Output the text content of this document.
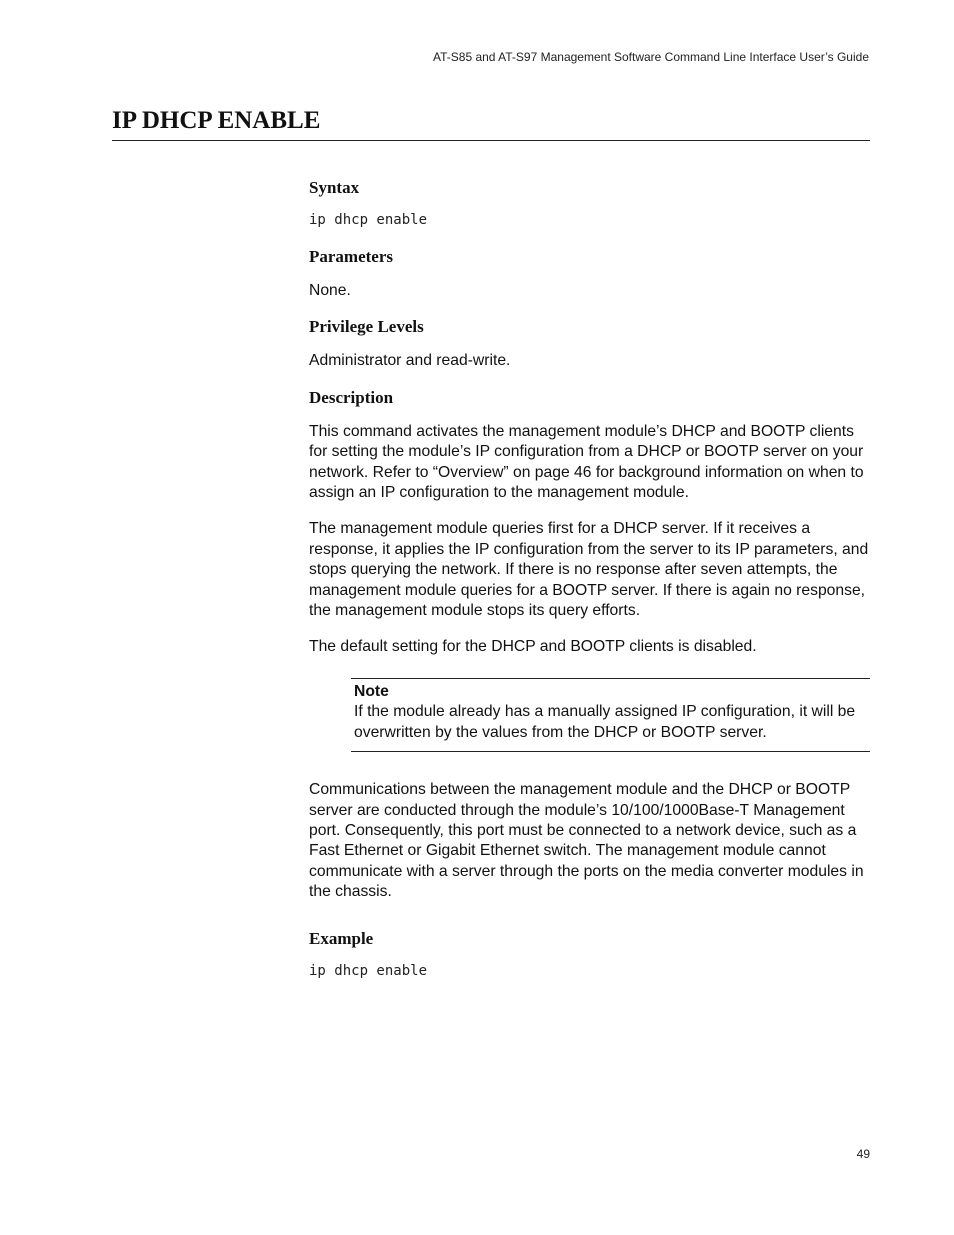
AT-S85 and AT-S97 Management Software Command Line Interface User’s Guide
IP DHCP ENABLE
Syntax
ip dhcp enable
Parameters

None.

Privilege Levels

Administrator and read-write.

Description

This command activates the management module’s DHCP and BOOTP clients for setting the module’s IP configuration from a DHCP or BOOTP server on your network. Refer to “Overview” on page 46 for background information on when to assign an IP configuration to the management module.

The management module queries first for a DHCP server. If it receives a response, it applies the IP configuration from the server to its IP parameters, and stops querying the network. If there is no response after seven attempts, the management module queries for a BOOTP server. If there is again no response, the management module stops its query efforts.

The default setting for the DHCP and BOOTP clients is disabled.

Note
If the module already has a manually assigned IP configuration, it will be overwritten by the values from the DHCP or BOOTP server.

Communications between the management module and the DHCP or BOOTP server are conducted through the module’s 10/100/1000Base-T Management port. Consequently, this port must be connected to a network device, such as a Fast Ethernet or Gigabit Ethernet switch. The management module cannot communicate with a server through the ports on the media converter modules in the chassis.

Example
ip dhcp enable
49
